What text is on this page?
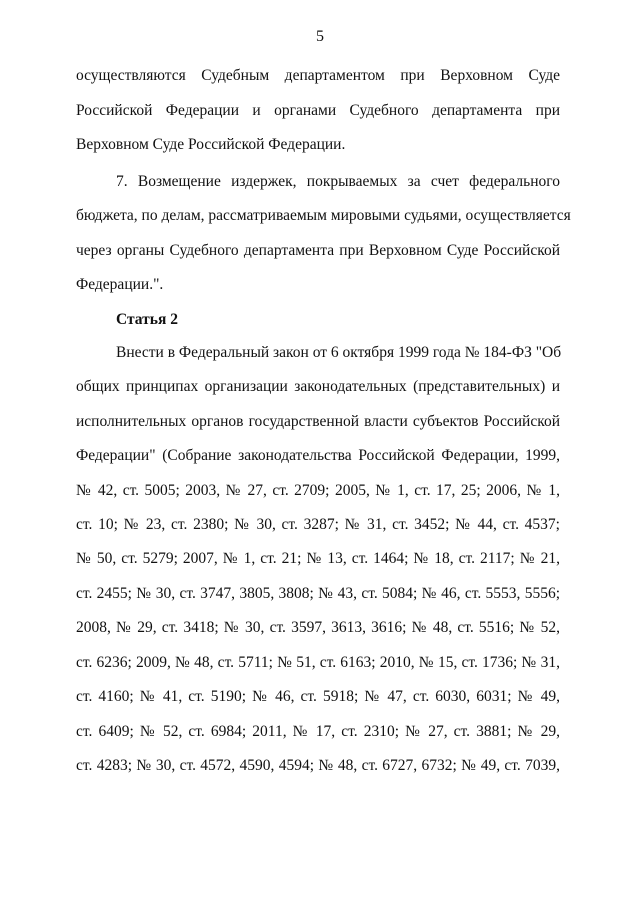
5
осуществляются Судебным департаментом при Верховном Суде
Российской Федерации и органами Судебного департамента при
Верховном Суде Российской Федерации.
7. Возмещение издержек, покрываемых за счет федерального
бюджета, по делам, рассматриваемым мировыми судьями, осуществляется
через органы Судебного департамента при Верховном Суде Российской
Федерации.".
Статья 2
Внести в Федеральный закон от 6 октября 1999 года № 184-ФЗ "Об
общих принципах организации законодательных (представительных) и
исполнительных органов государственной власти субъектов Российской
Федерации" (Собрание законодательства Российской Федерации, 1999,
№ 42, ст. 5005; 2003, № 27, ст. 2709; 2005, № 1, ст. 17, 25; 2006, № 1,
ст. 10; № 23, ст. 2380; № 30, ст. 3287; № 31, ст. 3452; № 44, ст. 4537;
№ 50, ст. 5279; 2007, № 1, ст. 21; № 13, ст. 1464; № 18, ст. 2117; № 21,
ст. 2455; № 30, ст. 3747, 3805, 3808; № 43, ст. 5084; № 46, ст. 5553, 5556;
2008, № 29, ст. 3418; № 30, ст. 3597, 3613, 3616; № 48, ст. 5516; № 52,
ст. 6236; 2009, № 48, ст. 5711; № 51, ст. 6163; 2010, № 15, ст. 1736; № 31,
ст. 4160; № 41, ст. 5190; № 46, ст. 5918; № 47, ст. 6030, 6031; № 49,
ст. 6409; № 52, ст. 6984; 2011, № 17, ст. 2310; № 27, ст. 3881; № 29,
ст. 4283; № 30, ст. 4572, 4590, 4594; № 48, ст. 6727, 6732; № 49, ст. 7039,
